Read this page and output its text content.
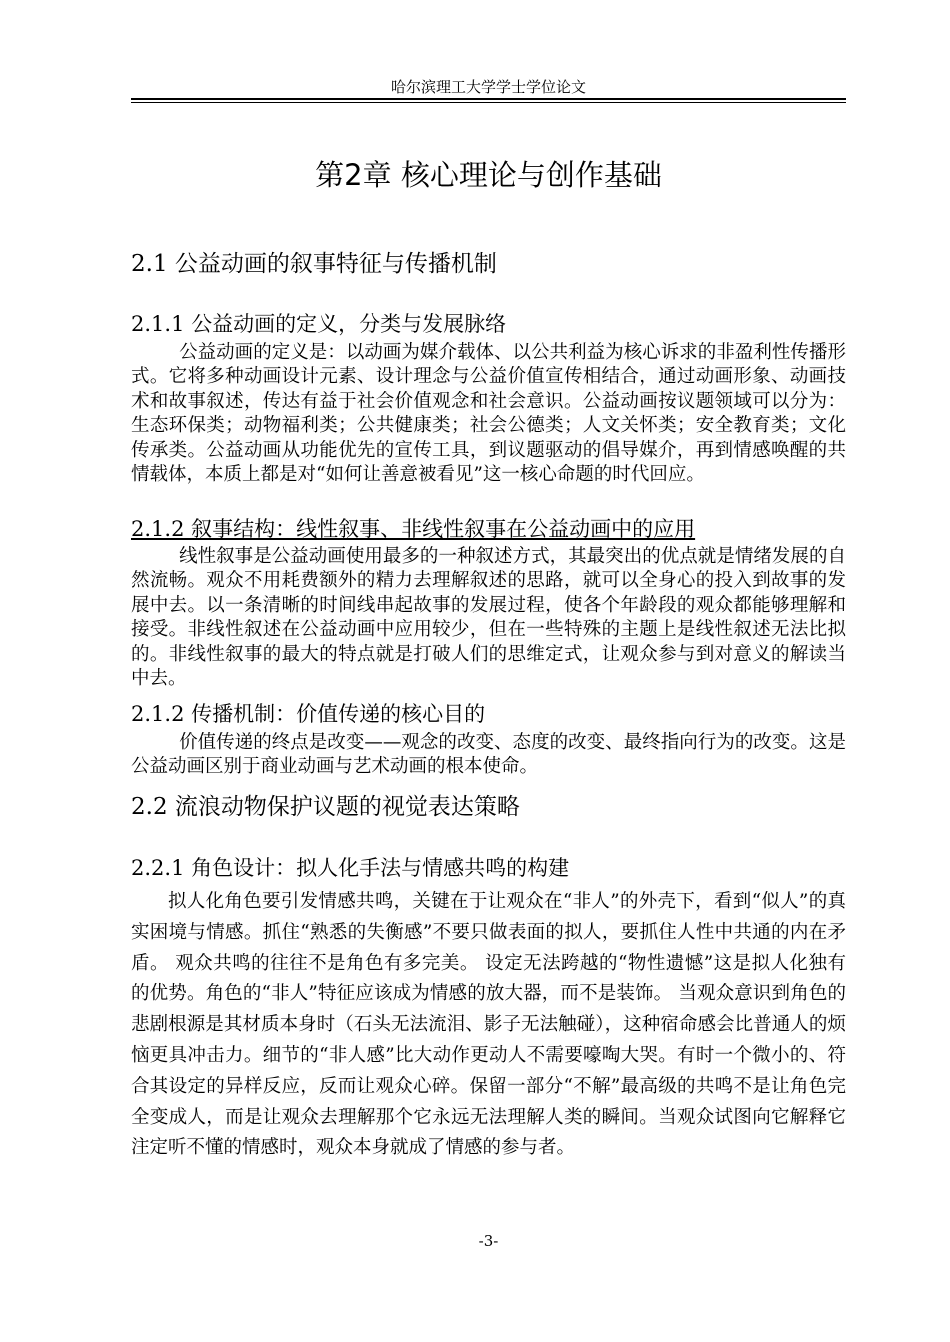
哈尔滨理工大学学士学位论文
第2章 核心理论与创作基础
2.1 公益动画的叙事特征与传播机制
2.1.1 公益动画的定义，分类与发展脉络
公益动画的定义是：以动画为媒介载体、以公共利益为核心诉求的非盈利性传播形式。它将多种动画设计元素、设计理念与公益价值宣传相结合，通过动画形象、动画技术和故事叙述，传达有益于社会价值观念和社会意识。公益动画按议题领域可以分为：生态环保类；动物福利类；公共健康类；社会公德类；人文关怀类；安全教育类；文化传承类。公益动画从功能优先的宣传工具，到议题驱动的倡导媒介，再到情感唤醒的共情载体，本质上都是对“如何让善意被看见”这一核心命题的时代回应。
2.1.2 叙事结构：线性叙事、非线性叙事在公益动画中的应用
线性叙事是公益动画使用最多的一种叙述方式，其最突出的优点就是情绪发展的自然流畅。观众不用耗费额外的精力去理解叙述的思路，就可以全身心的投入到故事的发展中去。以一条清晰的时间线串起故事的发展过程，使各个年龄段的观众都能够理解和接受。非线性叙述在公益动画中应用较少，但在一些特殊的主题上是线性叙述无法比拟的。非线性叙事的最大的特点就是打破人们的思维定式，让观众参与到对意义的解读当中去。
2.1.2 传播机制：价值传递的核心目的
价值传递的终点是改变——观念的改变、态度的改变、最终指向行为的改变。这是公益动画区别于商业动画与艺术动画的根本使命。
2.2 流浪动物保护议题的视觉表达策略
2.2.1 角色设计：拟人化手法与情感共鸣的构建
拟人化角色要引发情感共鸣，关键在于让观众在“非人”的外壳下，看到“似人”的真实困境与情感。抓住“熟悉的失衡感”不要只做表面的拟人，要抓住人性中共通的内在矛盾。 观众共鸣的往往不是角色有多完美。 设定无法跨越的“物性遗憾”这是拟人化独有的优势。角色的“非人”特征应该成为情感的放大器，而不是装饰。 当观众意识到角色的悲剧根源是其材质本身时（石头无法流泪、影子无法触碰），这种宿命感会比普通人的烦恼更具冲击力。细节的“非人感”比大动作更动人不需要嚎啕大哭。有时一个微小的、符合其设定的异样反应，反而让观众心碎。保留一部分“不解”最高级的共鸣不是让角色完全变成人，而是让观众去理解那个它永远无法理解人类的瞬间。当观众试图向它解释它注定听不懂的情感时，观众本身就成了情感的参与者。
-3-
